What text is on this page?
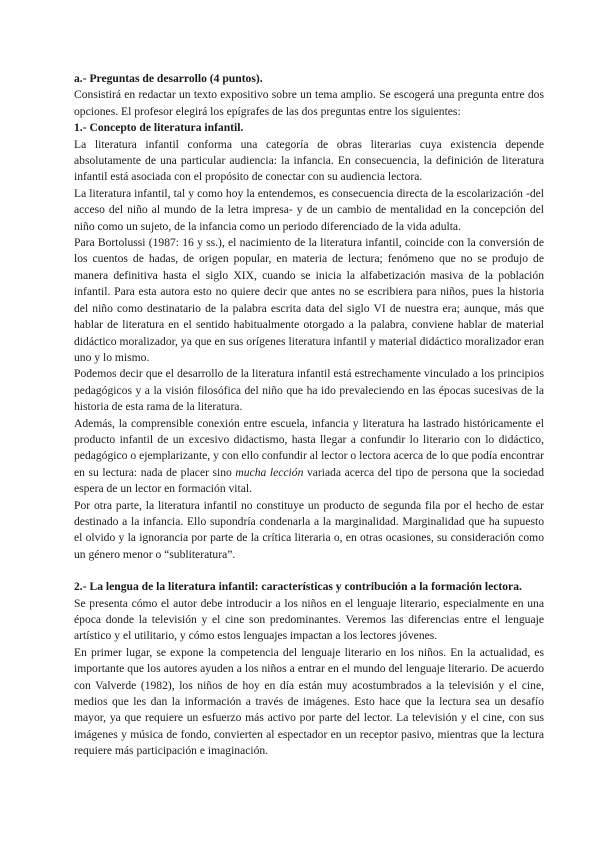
a.- Preguntas de desarrollo (4 puntos).

Consistirá en redactar un texto expositivo sobre un tema amplio. Se escogerá una pregunta entre dos opciones. El profesor elegirá los epígrafes de las dos preguntas entre los siguientes:

1.- Concepto de literatura infantil.

La literatura infantil conforma una categoría de obras literarias cuya existencia depende absolutamente de una particular audiencia: la infancia. En consecuencia, la definición de literatura infantil está asociada con el propósito de conectar con su audiencia lectora.

La literatura infantil, tal y como hoy la entendemos, es consecuencia directa de la escolarización -del acceso del niño al mundo de la letra impresa- y de un cambio de mentalidad en la concepción del niño como un sujeto, de la infancia como un periodo diferenciado de la vida adulta.

Para Bortolussi (1987: 16 y ss.), el nacimiento de la literatura infantil, coincide con la conversión de los cuentos de hadas, de origen popular, en materia de lectura; fenómeno que no se produjo de manera definitiva hasta el siglo XIX, cuando se inicia la alfabetización masiva de la población infantil. Para esta autora esto no quiere decir que antes no se escribiera para niños, pues la historia del niño como destinatario de la palabra escrita data del siglo VI de nuestra era; aunque, más que hablar de literatura en el sentido habitualmente otorgado a la palabra, conviene hablar de material didáctico moralizador, ya que en sus orígenes literatura infantil y material didáctico moralizador eran uno y lo mismo.

Podemos decir que el desarrollo de la literatura infantil está estrechamente vinculado a los principios pedagógicos y a la visión filosófica del niño que ha ido prevaleciendo en las épocas sucesivas de la historia de esta rama de la literatura.

Además, la comprensible conexión entre escuela, infancia y literatura ha lastrado históricamente el producto infantil de un excesivo didactismo, hasta llegar a confundir lo literario con lo didáctico, pedagógico o ejemplarizante, y con ello confundir al lector o lectora acerca de lo que podía encontrar en su lectura: nada de placer sino mucha lección variada acerca del tipo de persona que la sociedad espera de un lector en formación vital.

Por otra parte, la literatura infantil no constituye un producto de segunda fila por el hecho de estar destinado a la infancia. Ello supondría condenarla a la marginalidad. Marginalidad que ha supuesto el olvido y la ignorancia por parte de la crítica literaria o, en otras ocasiones, su consideración como un género menor o “subliteratura”.

2.- La lengua de la literatura infantil: características y contribución a la formación lectora.

Se presenta cómo el autor debe introducir a los niños en el lenguaje literario, especialmente en una época donde la televisión y el cine son predominantes. Veremos las diferencias entre el lenguaje artístico y el utilitario, y cómo estos lenguajes impactan a los lectores jóvenes.

En primer lugar, se expone la competencia del lenguaje literario en los niños. En la actualidad, es importante que los autores ayuden a los niños a entrar en el mundo del lenguaje literario. De acuerdo con Valverde (1982), los niños de hoy en día están muy acostumbrados a la televisión y el cine, medios que les dan la información a través de imágenes. Esto hace que la lectura sea un desafío mayor, ya que requiere un esfuerzo más activo por parte del lector. La televisión y el cine, con sus imágenes y música de fondo, convierten al espectador en un receptor pasivo, mientras que la lectura requiere más participación e imaginación.
